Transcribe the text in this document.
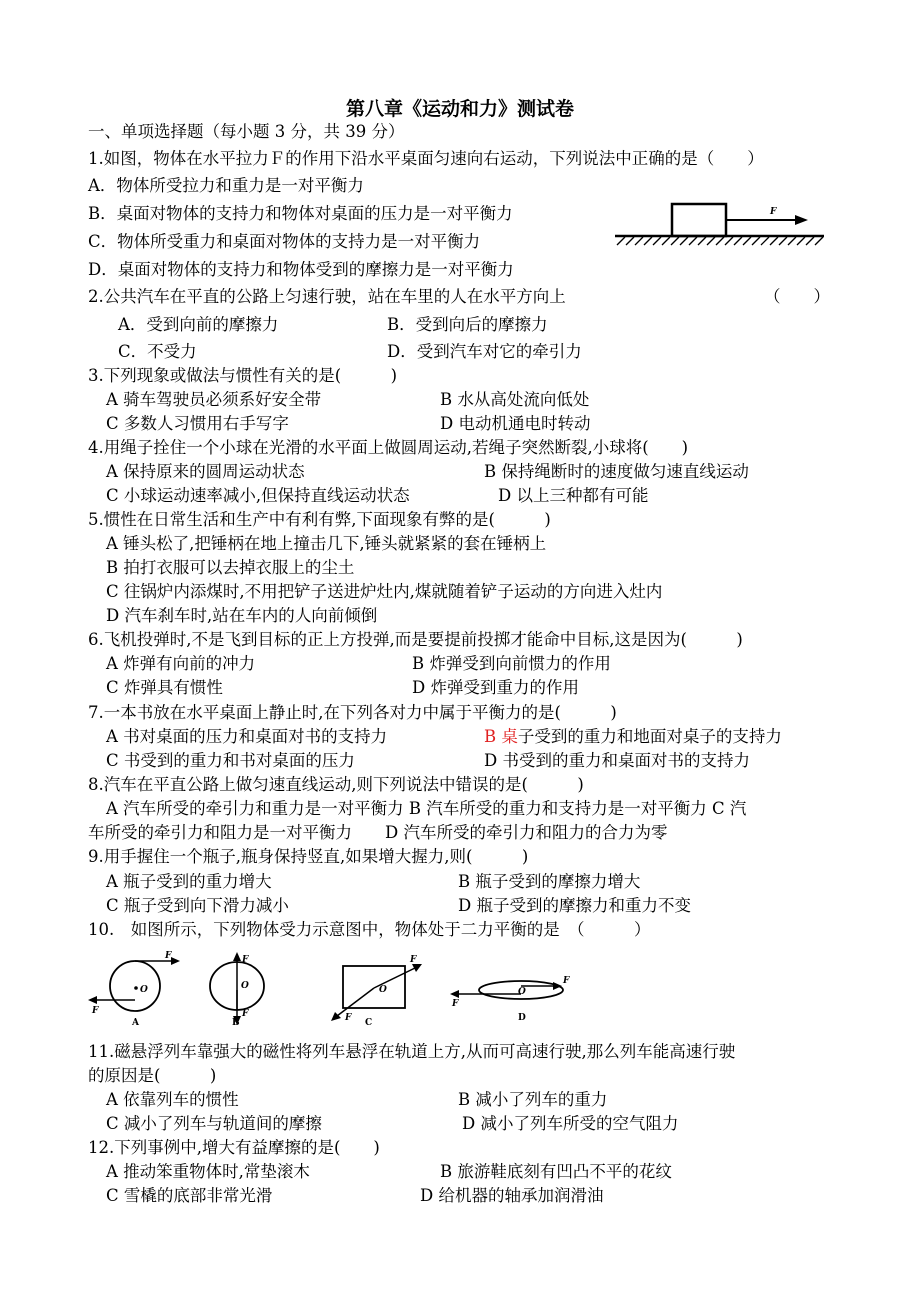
第八章《运动和力》测试卷
一、单项选择题（每小题 3 分，共 39 分）
1.如图，物体在水平拉力Ｆ的作用下沿水平桌面匀速向右运动，下列说法中正确的是（　　）
A．物体所受拉力和重力是一对平衡力
B．桌面对物体的支持力和物体对桌面的压力是一对平衡力
C．物体所受重力和桌面对物体的支持力是一对平衡力
D．桌面对物体的支持力和物体受到的摩擦力是一对平衡力
F
2.公共汽车在平直的公路上匀速行驶，站在车里的人在水平方向上	（　　）
A．受到向前的摩擦力	B．受到向后的摩擦力
C．不受力	D．受到汽车对它的牵引力
3.下列现象或做法与惯性有关的是(　　　)
A 骑车驾驶员必须系好安全带	B 水从高处流向低处
C 多数人习惯用右手写字	D 电动机通电时转动
4.用绳子拴住一个小球在光滑的水平面上做圆周运动,若绳子突然断裂,小球将(　　)
A 保持原来的圆周运动状态	B 保持绳断时的速度做匀速直线运动
C 小球运动速率减小,但保持直线运动状态	D 以上三种都有可能
5.惯性在日常生活和生产中有利有弊,下面现象有弊的是(　　　)
A 锤头松了,把锤柄在地上撞击几下,锤头就紧紧的套在锤柄上
B 拍打衣服可以去掉衣服上的尘土
C 往锅炉内添煤时,不用把铲子送进炉灶内,煤就随着铲子运动的方向进入灶内
D 汽车刹车时,站在车内的人向前倾倒
6.飞机投弹时,不是飞到目标的正上方投弹,而是要提前投掷才能命中目标,这是因为(　　　)
A 炸弹有向前的冲力	B 炸弹受到向前惯力的作用
C 炸弹具有惯性	D 炸弹受到重力的作用
7.一本书放在水平桌面上静止时,在下列各对力中属于平衡力的是(　　　)
A 书对桌面的压力和桌面对书的支持力	B 桌子受到的重力和地面对桌子的支持力
C 书受到的重力和书对桌面的压力	D 书受到的重力和桌面对书的支持力
8.汽车在平直公路上做匀速直线运动,则下列说法中错误的是(　　　)
A 汽车所受的牵引力和重力是一对平衡力 B 汽车所受的重力和支持力是一对平衡力 C 汽
车所受的牵引力和阻力是一对平衡力　　D 汽车所受的牵引力和阻力的合力为零
9.用手握住一个瓶子,瓶身保持竖直,如果增大握力,则(　　　)
A 瓶子受到的重力增大	B 瓶子受到的摩擦力增大
C 瓶子受到向下滑力减小	D 瓶子受到的摩擦力和重力不变
10.　如图所示，下列物体受力示意图中，物体处于二力平衡的是　（　　　）
O
F
F
A
O
F
F
B
O
F
F C
O
F
F
D
11.磁悬浮列车靠强大的磁性将列车悬浮在轨道上方,从而可高速行驶,那么列车能高速行驶
的原因是(　　　)
A 依靠列车的惯性	B 减小了列车的重力
C 减小了列车与轨道间的摩擦	D 减小了列车所受的空气阻力
12.下列事例中,增大有益摩擦的是(　　)
A 推动笨重物体时,常垫滚木	B 旅游鞋底刻有凹凸不平的花纹
C 雪橇的底部非常光滑	D 给机器的轴承加润滑油
